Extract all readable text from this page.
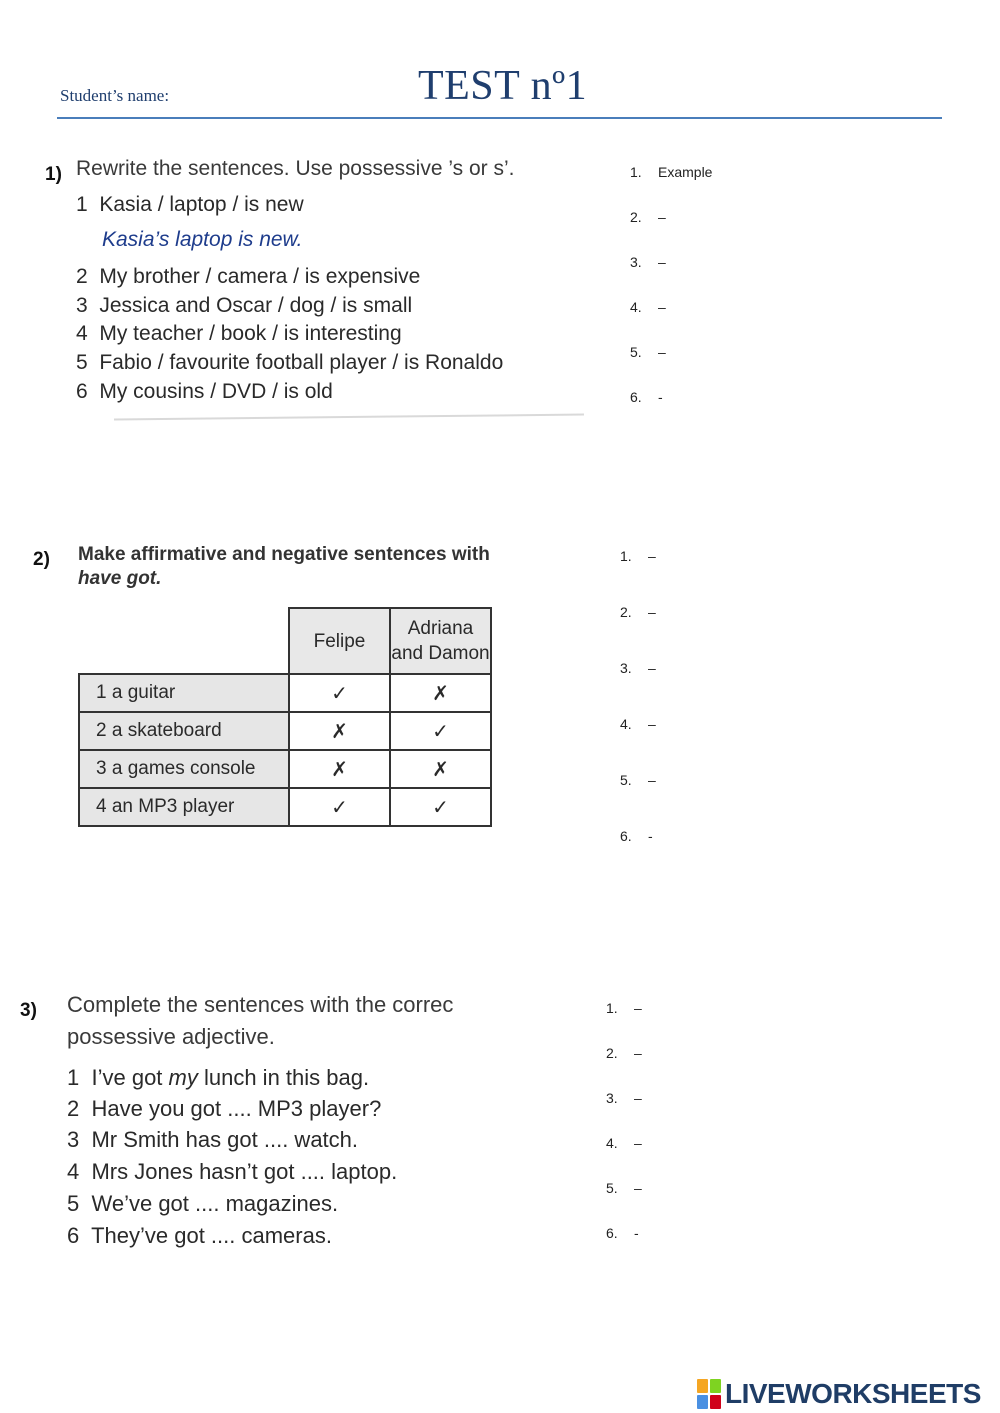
Student’s name:	TEST nº1
1) Rewrite the sentences. Use possessive ’s or s’.
1 Kasia / laptop / is new
Kasia’s laptop is new.
2 My brother / camera / is expensive
3 Jessica and Oscar / dog / is small
4 My teacher / book / is interesting
5 Fabio / favourite football player / is Ronaldo
6 My cousins / DVD / is old
1. Example
2. –
3. –
4. –
5. –
6. -
2) Make affirmative and negative sentences with
have got.
	Felipe	Adriana
and Damon
1 a guitar	✓	✗
2 a skateboard	✗	✓
3 a games console	✗	✗
4 an MP3 player	✓	✓
1. –
2. –
3. –
4. –
5. –
6. -
3) Complete the sentences with the correc
possessive adjective.
1 I’ve got my lunch in this bag.
2 Have you got .... MP3 player?
3 Mr Smith has got .... watch.
4 Mrs Jones hasn’t got .... laptop.
5 We’ve got .... magazines.
6 They’ve got .... cameras.
1. –
2. –
3. –
4. –
5. –
6. -
LIVEWORKSHEETS
